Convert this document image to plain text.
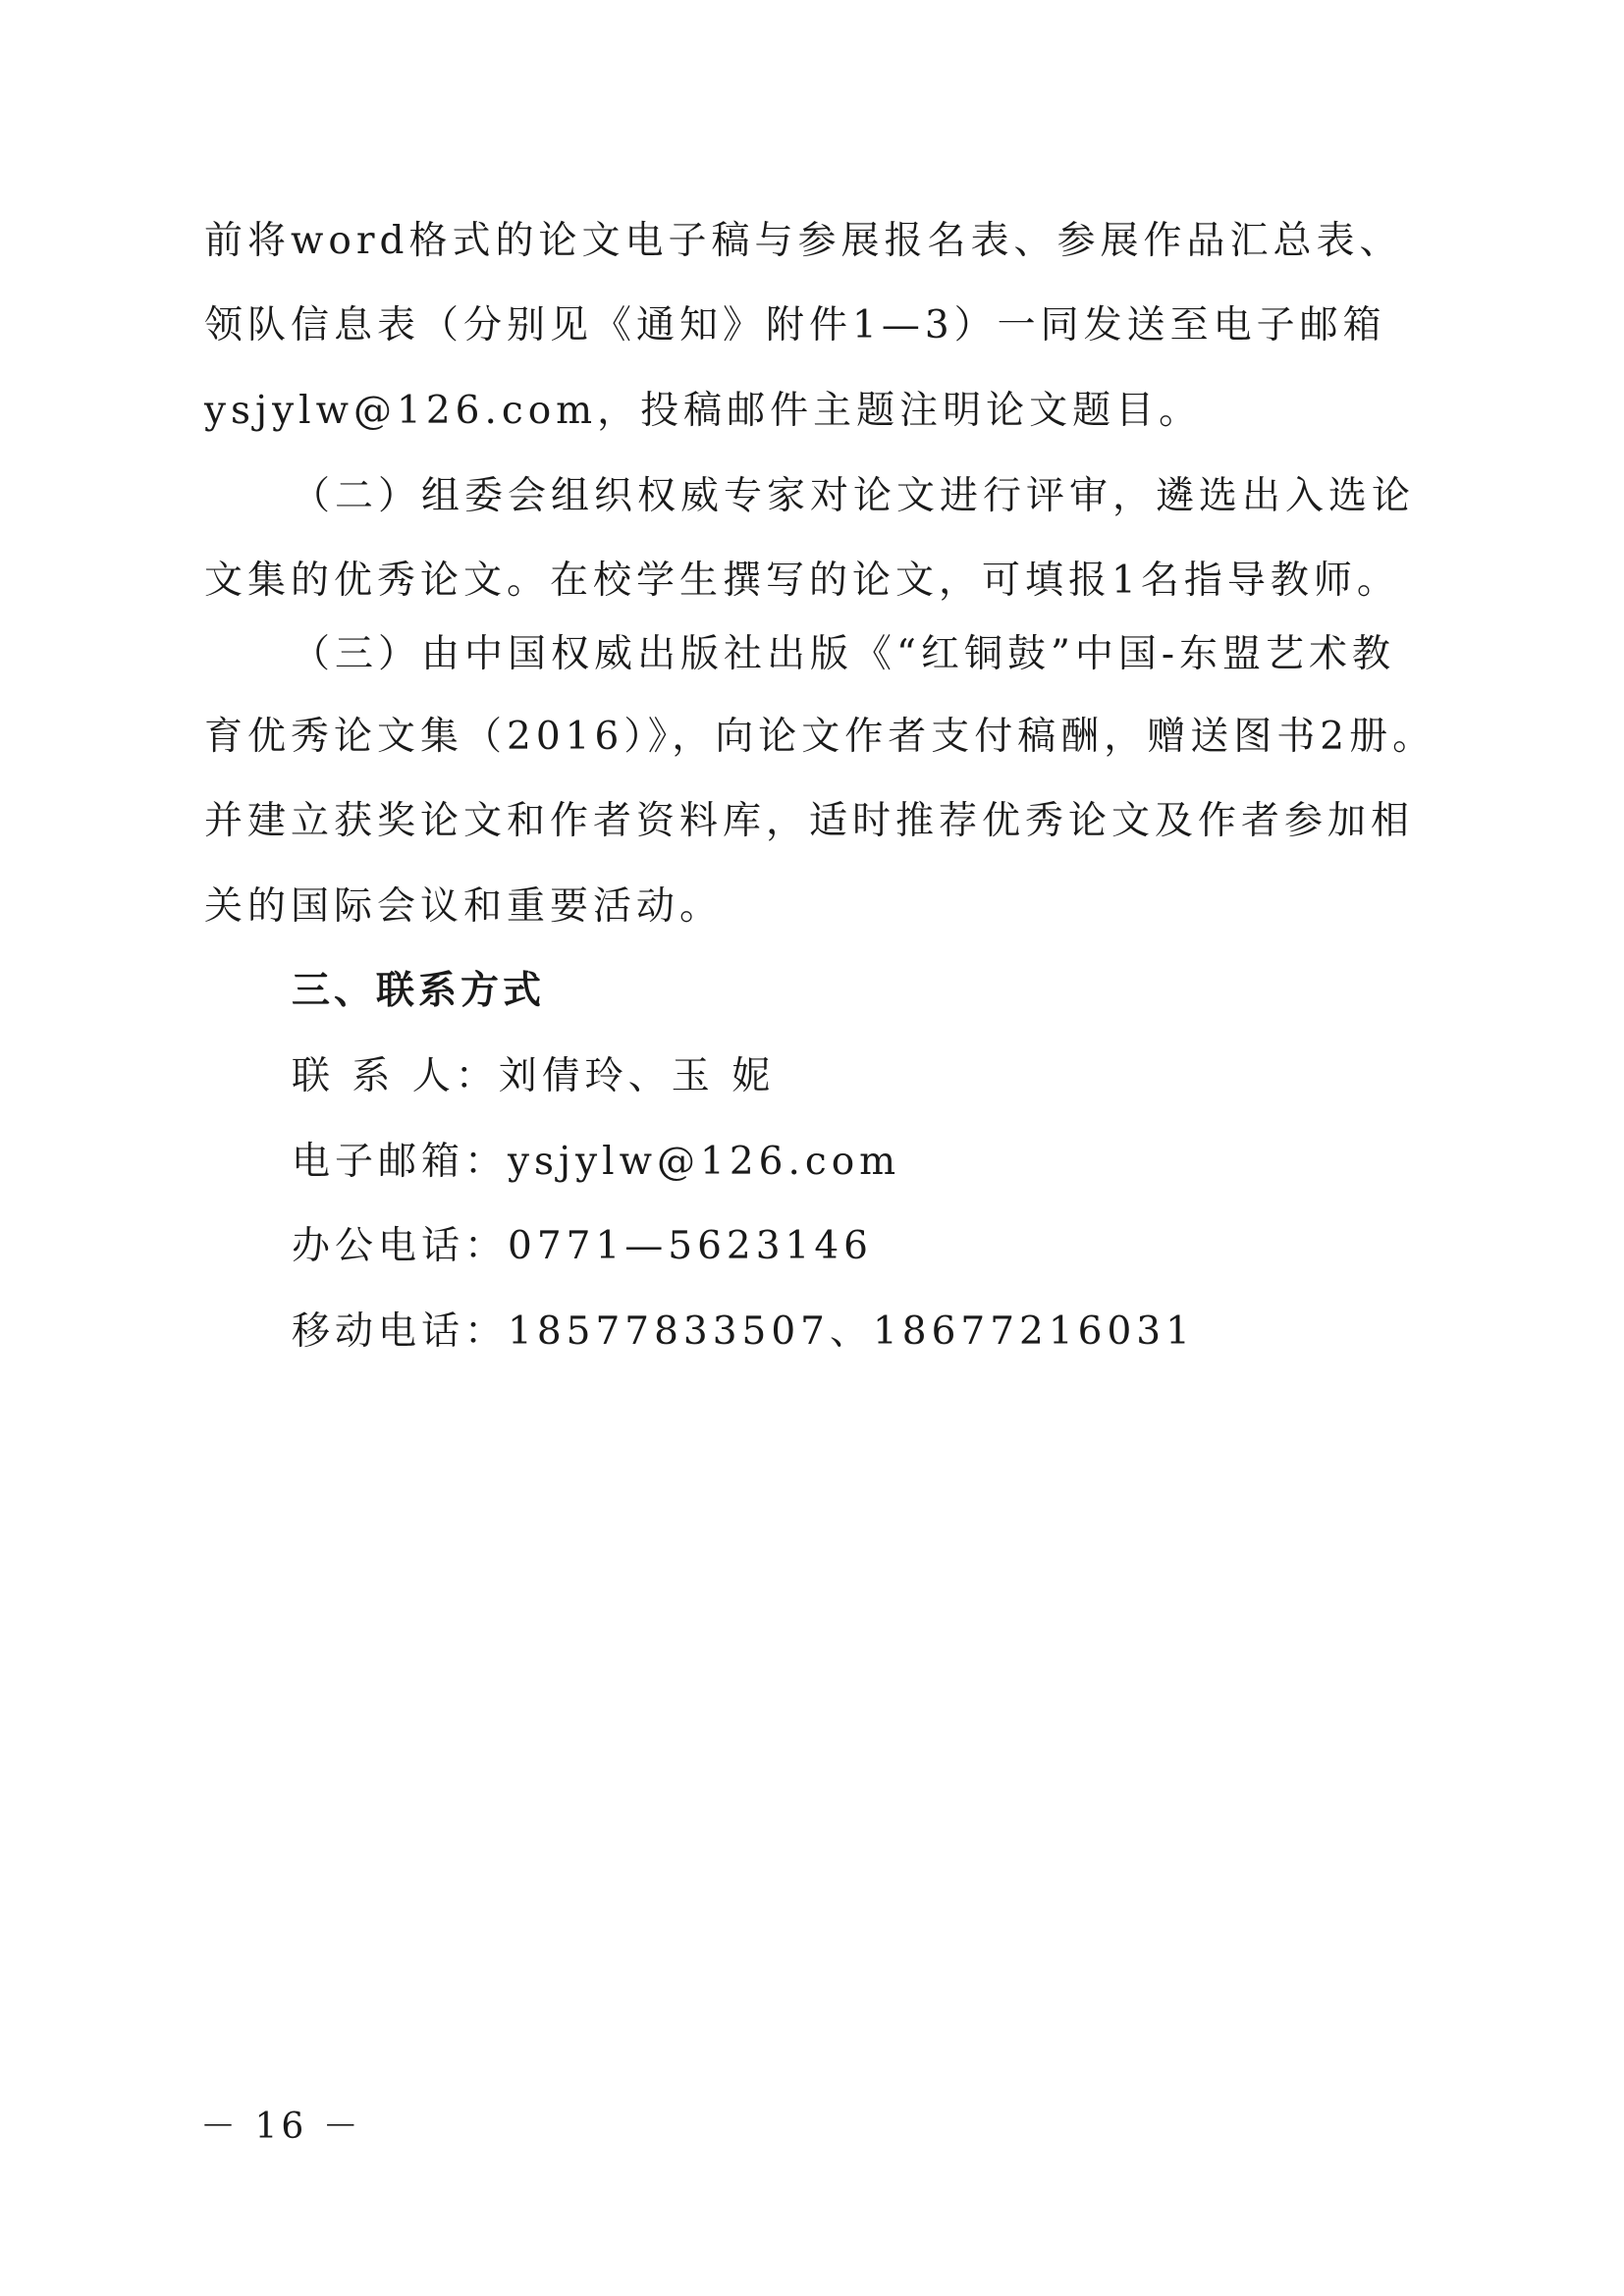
前将word格式的论文电子稿与参展报名表、参展作品汇总表、
领队信息表（分别见《通知》附件1—3）一同发送至电子邮箱
ysjylw@126.com，投稿邮件主题注明论文题目。
（二）组委会组织权威专家对论文进行评审，遴选出入选论
文集的优秀论文。在校学生撰写的论文，可填报1名指导教师。
（三）由中国权威出版社出版《“红铜鼓”中国-东盟艺术教
育优秀论文集（2016）》，向论文作者支付稿酬，赠送图书2册。
并建立获奖论文和作者资料库，适时推荐优秀论文及作者参加相
关的国际会议和重要活动。
三、联系方式
联 系 人：刘倩玲、玉 妮
电子邮箱：ysjylw@126.com
办公电话：0771—5623146
移动电话：18577833507、18677216031
－ 16 －
